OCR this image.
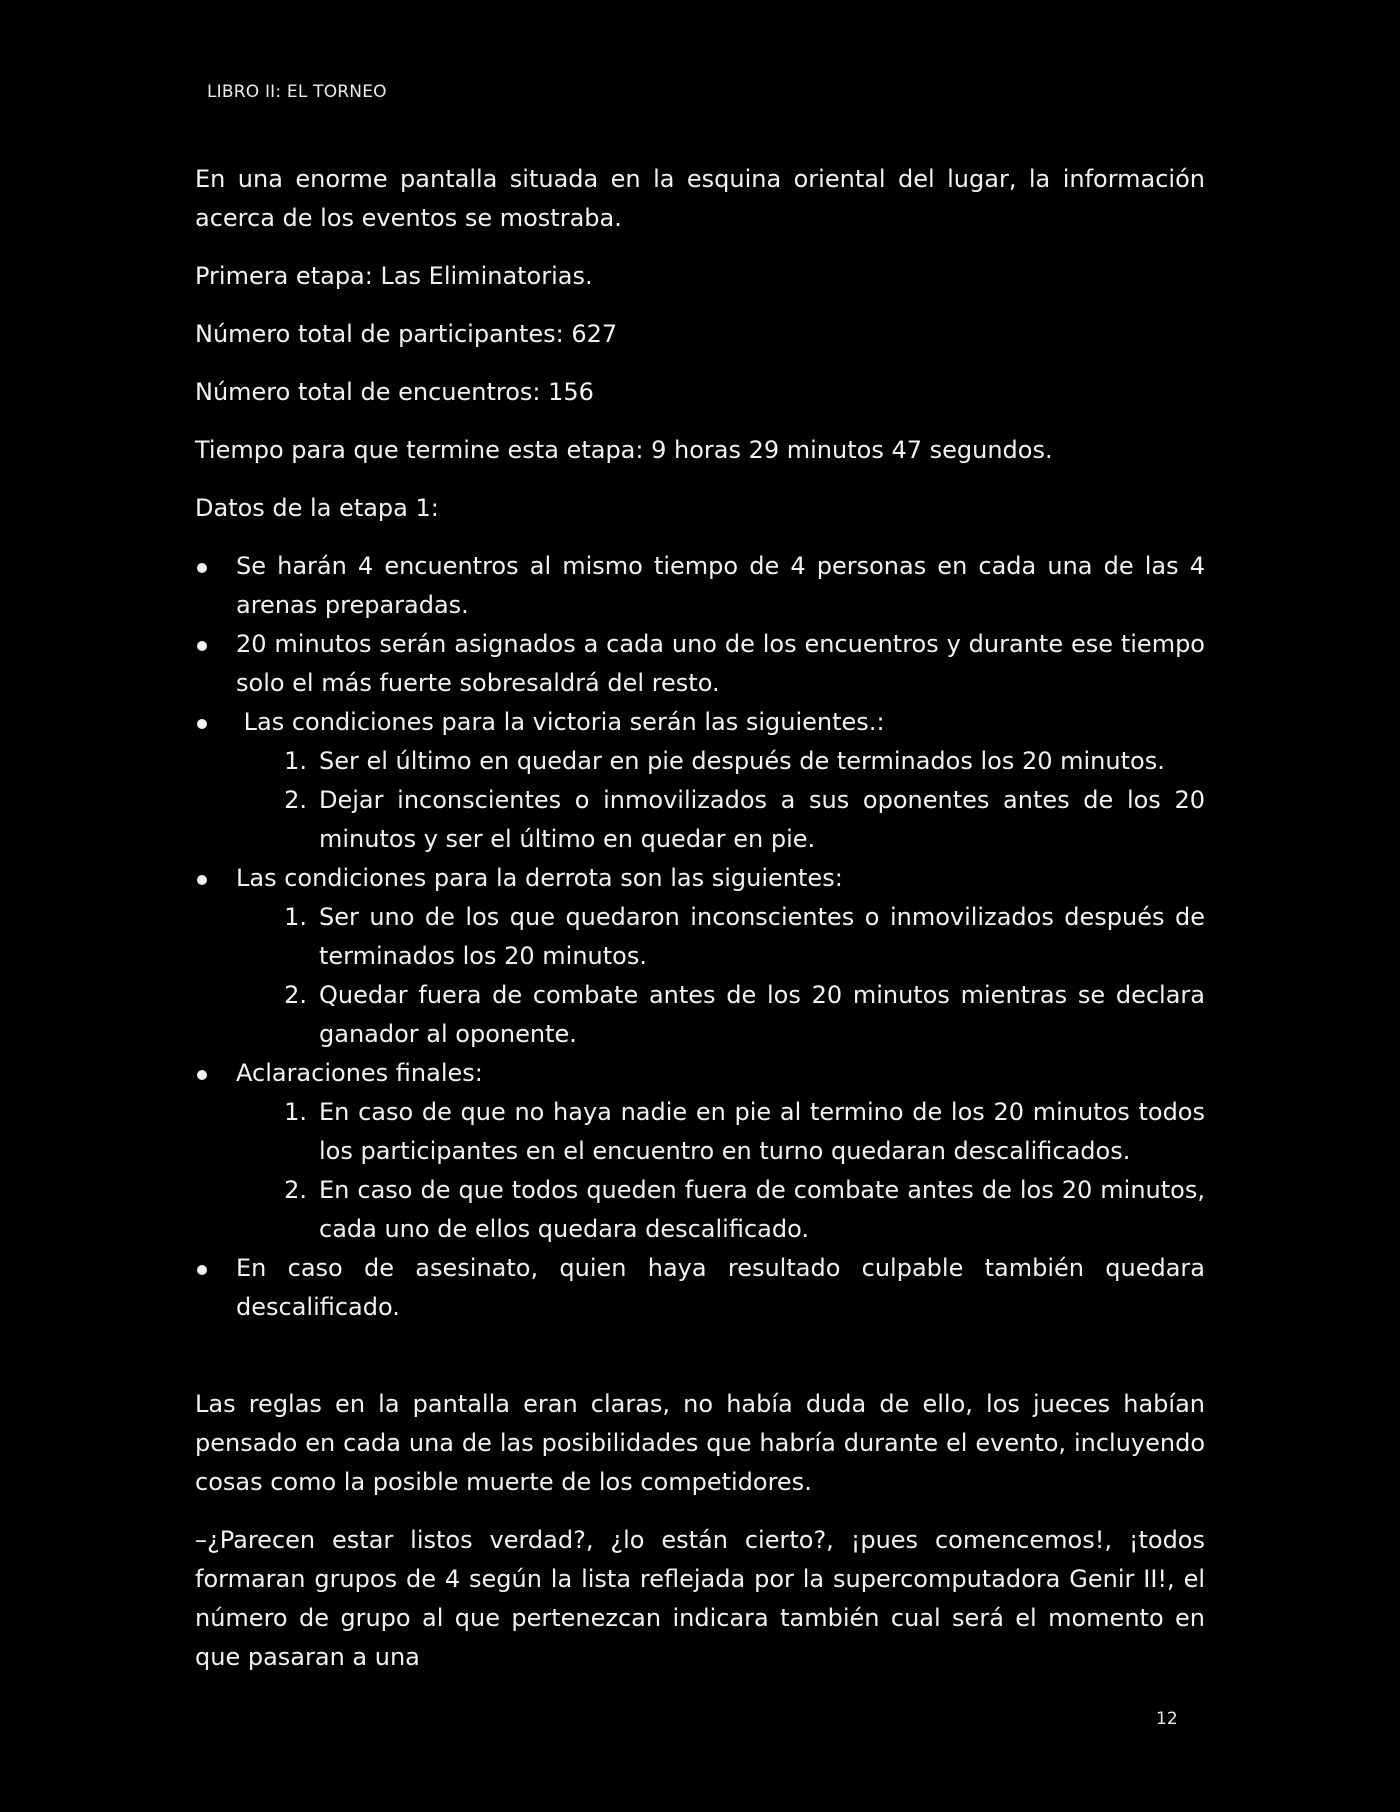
LIBRO II: EL TORNEO

En una enorme pantalla situada en la esquina oriental del lugar, la información acerca de los eventos se mostraba.

Primera etapa: Las Eliminatorias.

Número total de participantes: 627

Número total de encuentros: 156

Tiempo para que termine esta etapa: 9 horas 29 minutos 47 segundos.

Datos de la etapa 1:

Se harán 4 encuentros al mismo tiempo de 4 personas en cada una de las 4 arenas preparadas.
20 minutos serán asignados a cada uno de los encuentros y durante ese tiempo solo el más fuerte sobresaldrá del resto.
Las condiciones para la victoria serán las siguientes.:
1. Ser el último en quedar en pie después de terminados los 20 minutos.
2. Dejar inconscientes o inmovilizados a sus oponentes antes de los 20 minutos y ser el último en quedar en pie.
Las condiciones para la derrota son las siguientes:
1. Ser uno de los que quedaron inconscientes o inmovilizados después de terminados los 20 minutos.
2. Quedar fuera de combate antes de los 20 minutos mientras se declara ganador al oponente.
Aclaraciones finales:
1. En caso de que no haya nadie en pie al termino de los 20 minutos todos los participantes en el encuentro en turno quedaran descalificados.
2. En caso de que todos queden fuera de combate antes de los 20 minutos, cada uno de ellos quedara descalificado.
En caso de asesinato, quien haya resultado culpable también quedara descalificado.

Las reglas en la pantalla eran claras, no había duda de ello, los jueces habían pensado en cada una de las posibilidades que habría durante el evento, incluyendo cosas como la posible muerte de los competidores.

–¿Parecen estar listos verdad?, ¿lo están cierto?, ¡pues comencemos!, ¡todos formaran grupos de 4 según la lista reflejada por la supercomputadora Genir II!, el número de grupo al que pertenezcan indicara también cual será el momento en que pasaran a una

12
